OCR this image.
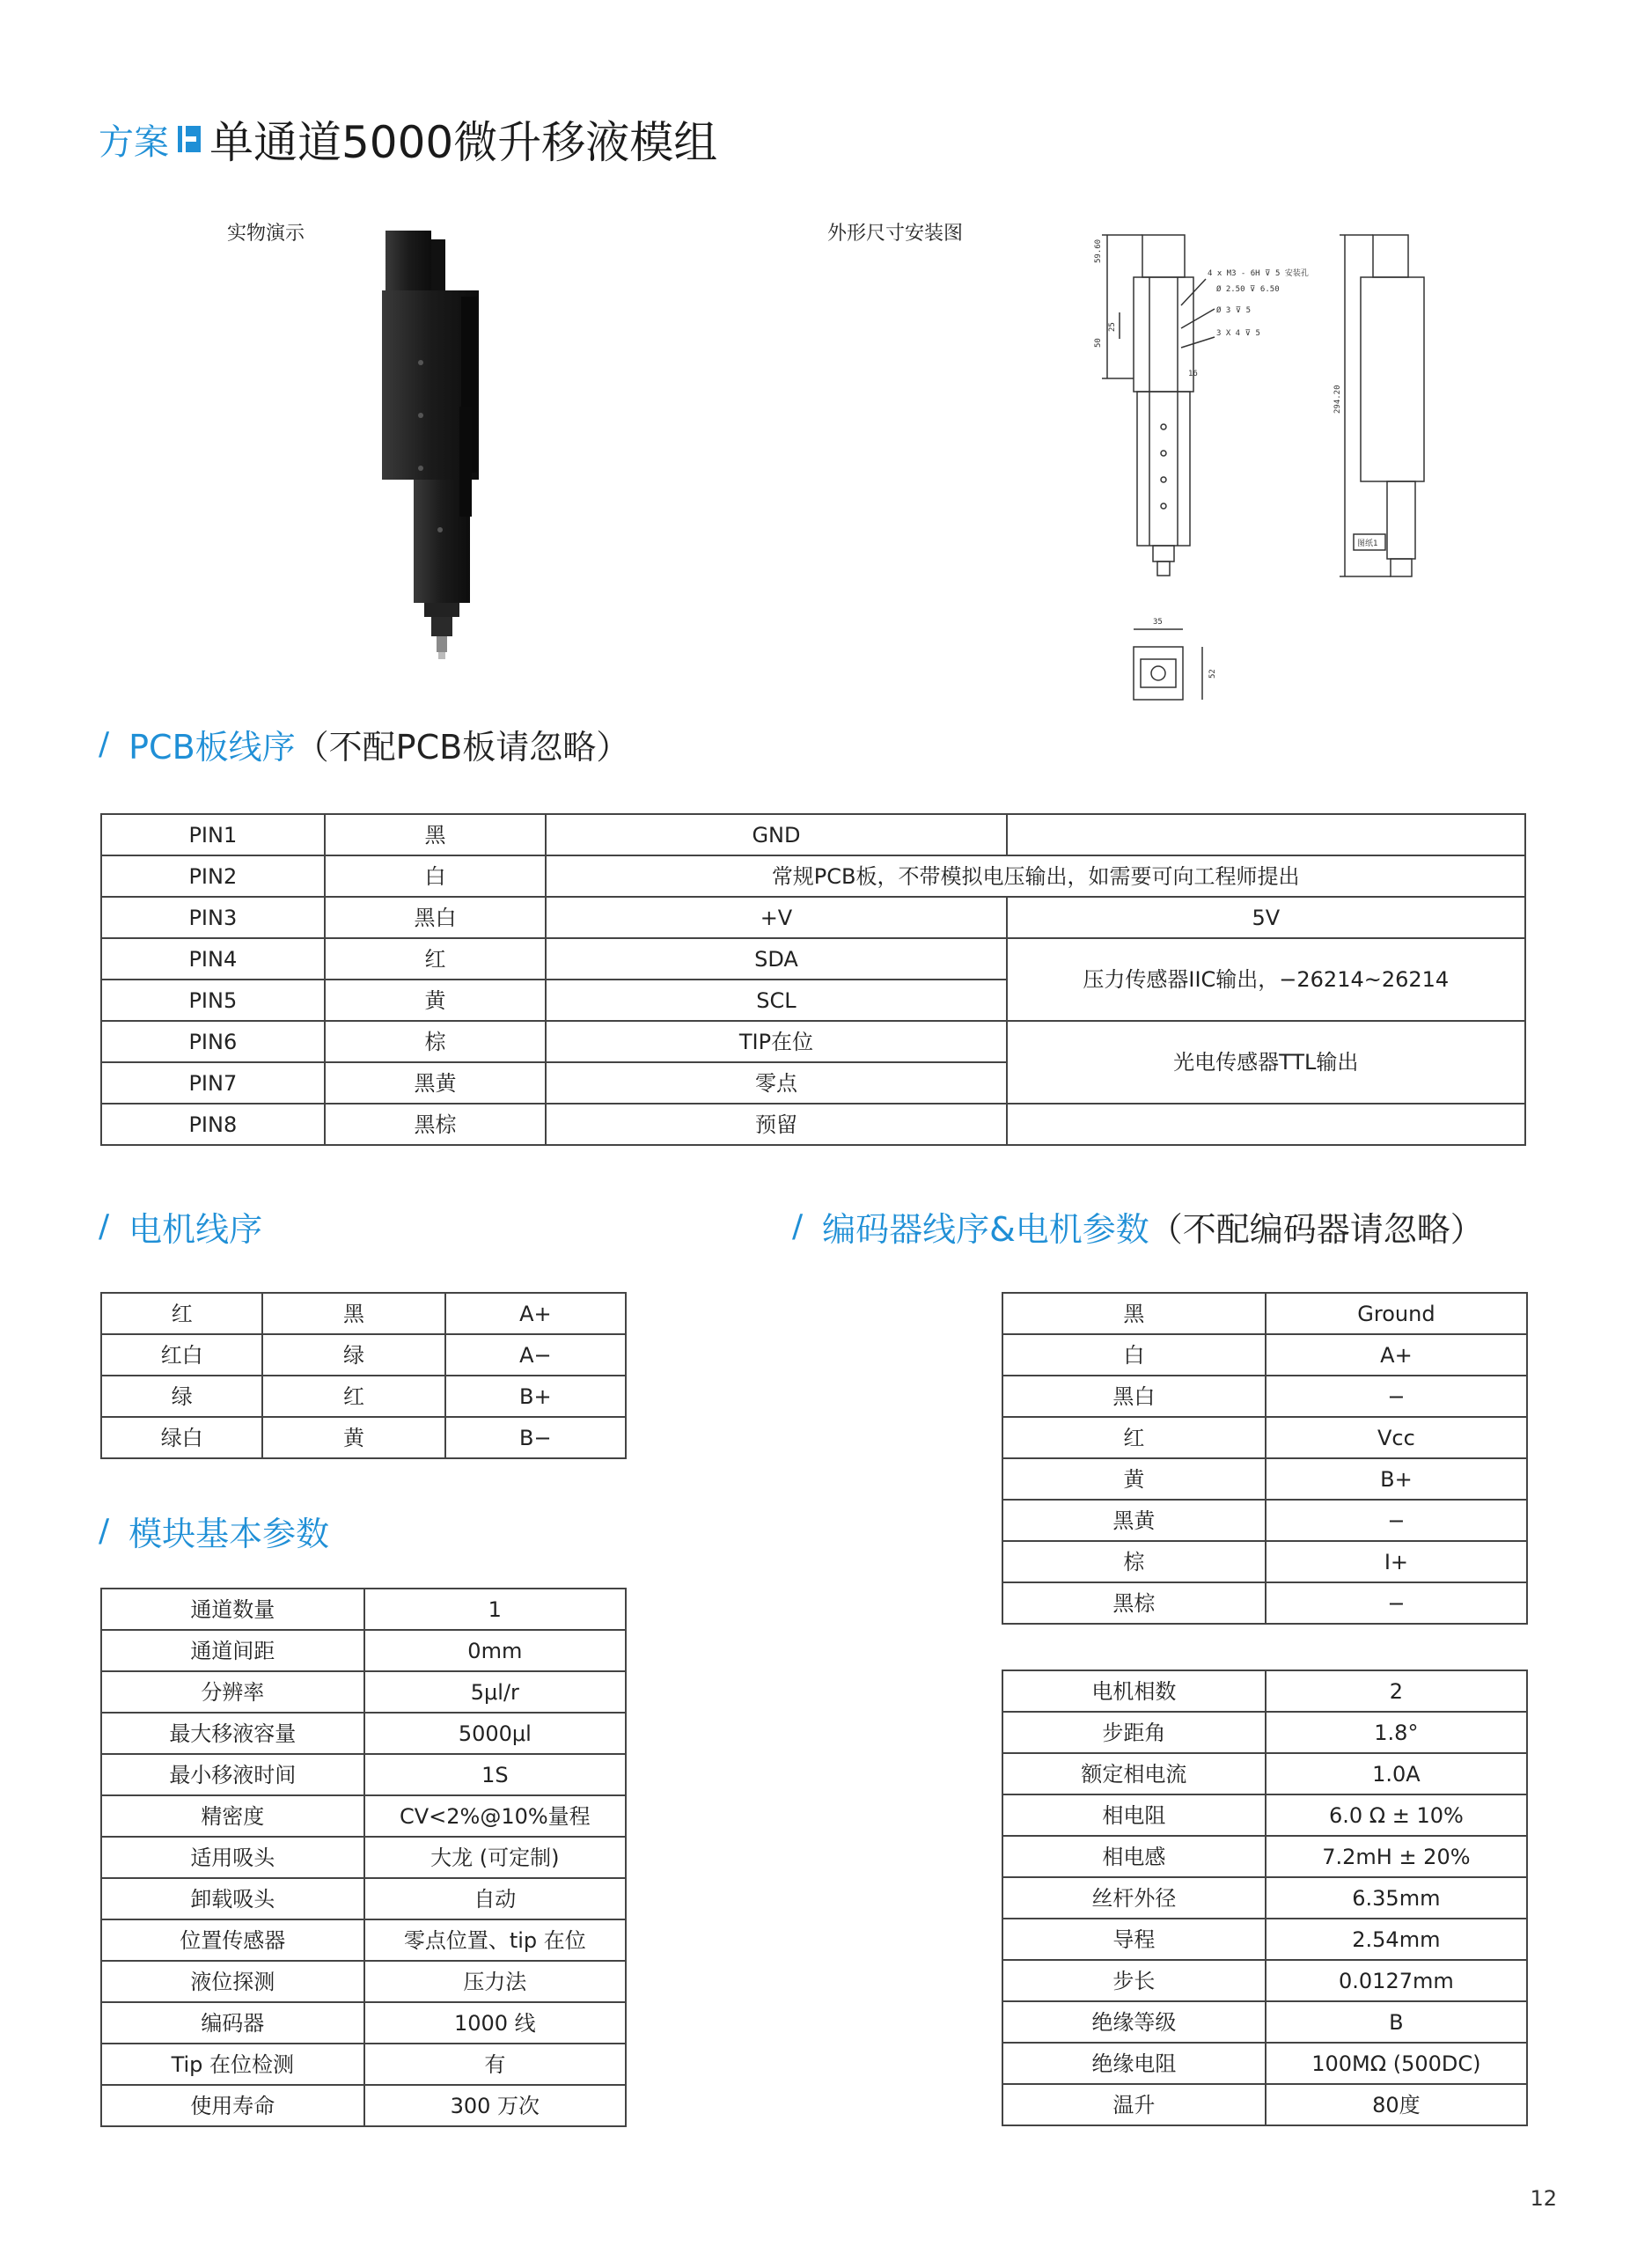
方案 单通道5000微升移液模组
实物演示	外形尺寸安装图
59.60
25
50
16
294.20
35
52
4 x M3 - 6H ⊽ 5 安装孔
Ø 2.50 ⊽ 6.50
Ø 3 ⊽ 5
3 X 4 ⊽ 5
图纸1
/ PCB板线序 （不配PCB板请忽略）
PIN1	黑	GND	
PIN2	白	常规PCB板，不带模拟电压输出，如需要可向工程师提出	
PIN3	黑白	+V	5V
PIN4	红	SDA	压力传感器IIC输出，−26214~26214
PIN5	黄	SCL	
PIN6	棕	TIP在位	光电传感器TTL输出
PIN7	黑黄	零点	
PIN8	黑棕	预留	
/ 电机线序	/ 编码器线序&电机参数 （不配编码器请忽略）
红	黑	A+
红白	绿	A−
绿	红	B+
绿白	黄	B−
/ 模块基本参数
通道数量	1
通道间距	0mm
分辨率	5μl/r
最大移液容量	5000μl
最小移液时间	1S
精密度	CV<2%@10%量程
适用吸头	大龙 (可定制)
卸载吸头	自动
位置传感器	零点位置、tip 在位
液位探测	压力法
编码器	1000 线
Tip 在位检测	有
使用寿命	300 万次
黑	Ground
白	A+
黑白	−
红	Vcc
黄	B+
黑黄	−
棕	I+
黑棕	−
电机相数	2
步距角	1.8°
额定相电流	1.0A
相电阻	6.0 Ω ± 10%
相电感	7.2mH ± 20%
丝杆外径	6.35mm
导程	2.54mm
步长	0.0127mm
绝缘等级	B
绝缘电阻	100MΩ (500DC)
温升	80度
12
